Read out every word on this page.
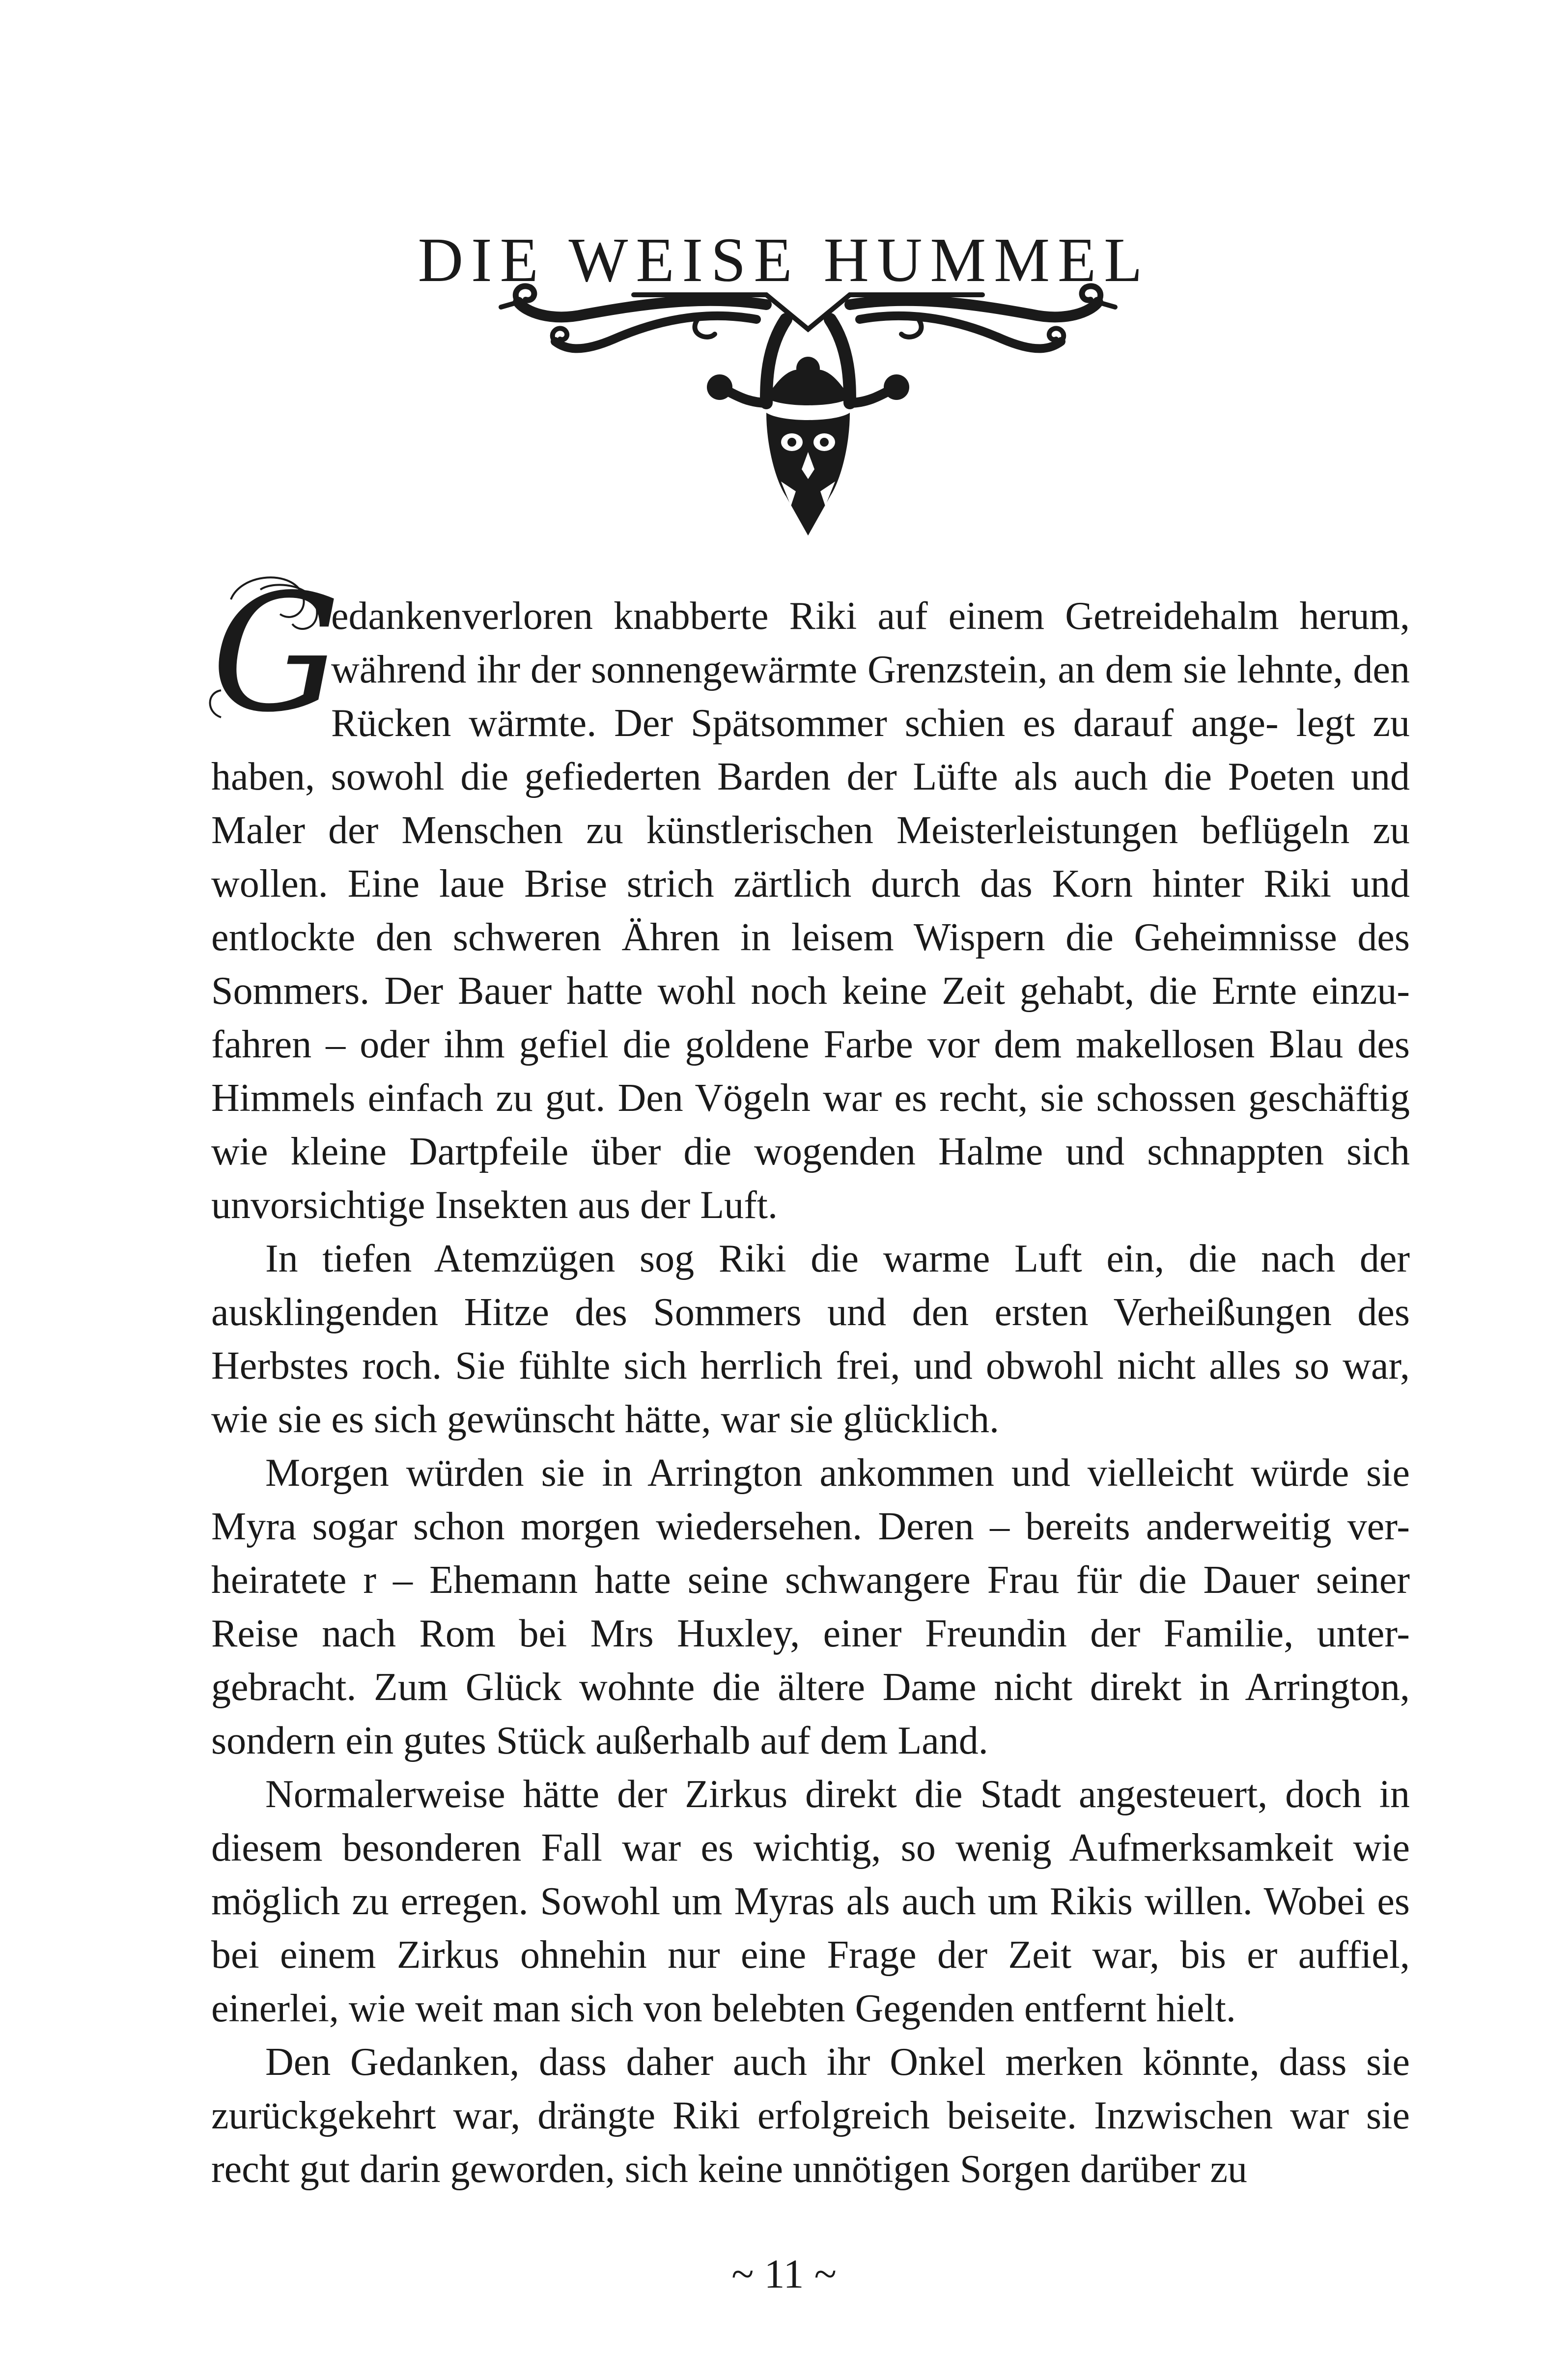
DIE WEISE HUMMEL

G
edankenverloren knabberte Riki auf einem Getreidehalm herum, während ihr der sonnengewärmte Grenzstein, an dem sie lehnte, den Rücken wärmte. Der Spätsommer schien es darauf ange- legt zu haben, sowohl die gefiederten Barden der Lüfte als auch die Poeten und Maler der Menschen zu künstlerischen Meisterleistungen beflügeln zu wollen. Eine laue Brise strich zärtlich durch das Korn hinter Riki und entlockte den schweren Ähren in leisem Wispern die Geheimnisse des Sommers. Der Bauer hatte wohl noch keine Zeit gehabt, die Ernte einzu- fahren – oder ihm gefiel die goldene Farbe vor dem makellosen Blau des Himmels einfach zu gut. Den Vögeln war es recht, sie schossen geschäftig wie kleine Dartpfeile über die wogenden Halme und schnappten sich unvorsichtige Insekten aus der Luft.

In tiefen Atemzügen sog Riki die warme Luft ein, die nach der ausklingenden Hitze des Sommers und den ersten Verheißungen des Herbstes roch. Sie fühlte sich herrlich frei, und obwohl nicht alles so war, wie sie es sich gewünscht hätte, war sie glücklich.

Morgen würden sie in Arrington ankommen und vielleicht würde sie Myra sogar schon morgen wiedersehen. Deren – bereits anderweitig ver- heiratete r – Ehemann hatte seine schwangere Frau für die Dauer seiner Reise nach Rom bei Mrs Huxley, einer Freundin der Familie, unter- gebracht. Zum Glück wohnte die ältere Dame nicht direkt in Arrington, sondern ein gutes Stück außerhalb auf dem Land.

Normalerweise hätte der Zirkus direkt die Stadt angesteuert, doch in diesem besonderen Fall war es wichtig, so wenig Aufmerksamkeit wie möglich zu erregen. Sowohl um Myras als auch um Rikis willen. Wobei es bei einem Zirkus ohnehin nur eine Frage der Zeit war, bis er auffiel, einerlei, wie weit man sich von belebten Gegenden entfernt hielt.

Den Gedanken, dass daher auch ihr Onkel merken könnte, dass sie zurückgekehrt war, drängte Riki erfolgreich beiseite. Inzwischen war sie recht gut darin geworden, sich keine unnötigen Sorgen darüber zu

~ 11 ~
